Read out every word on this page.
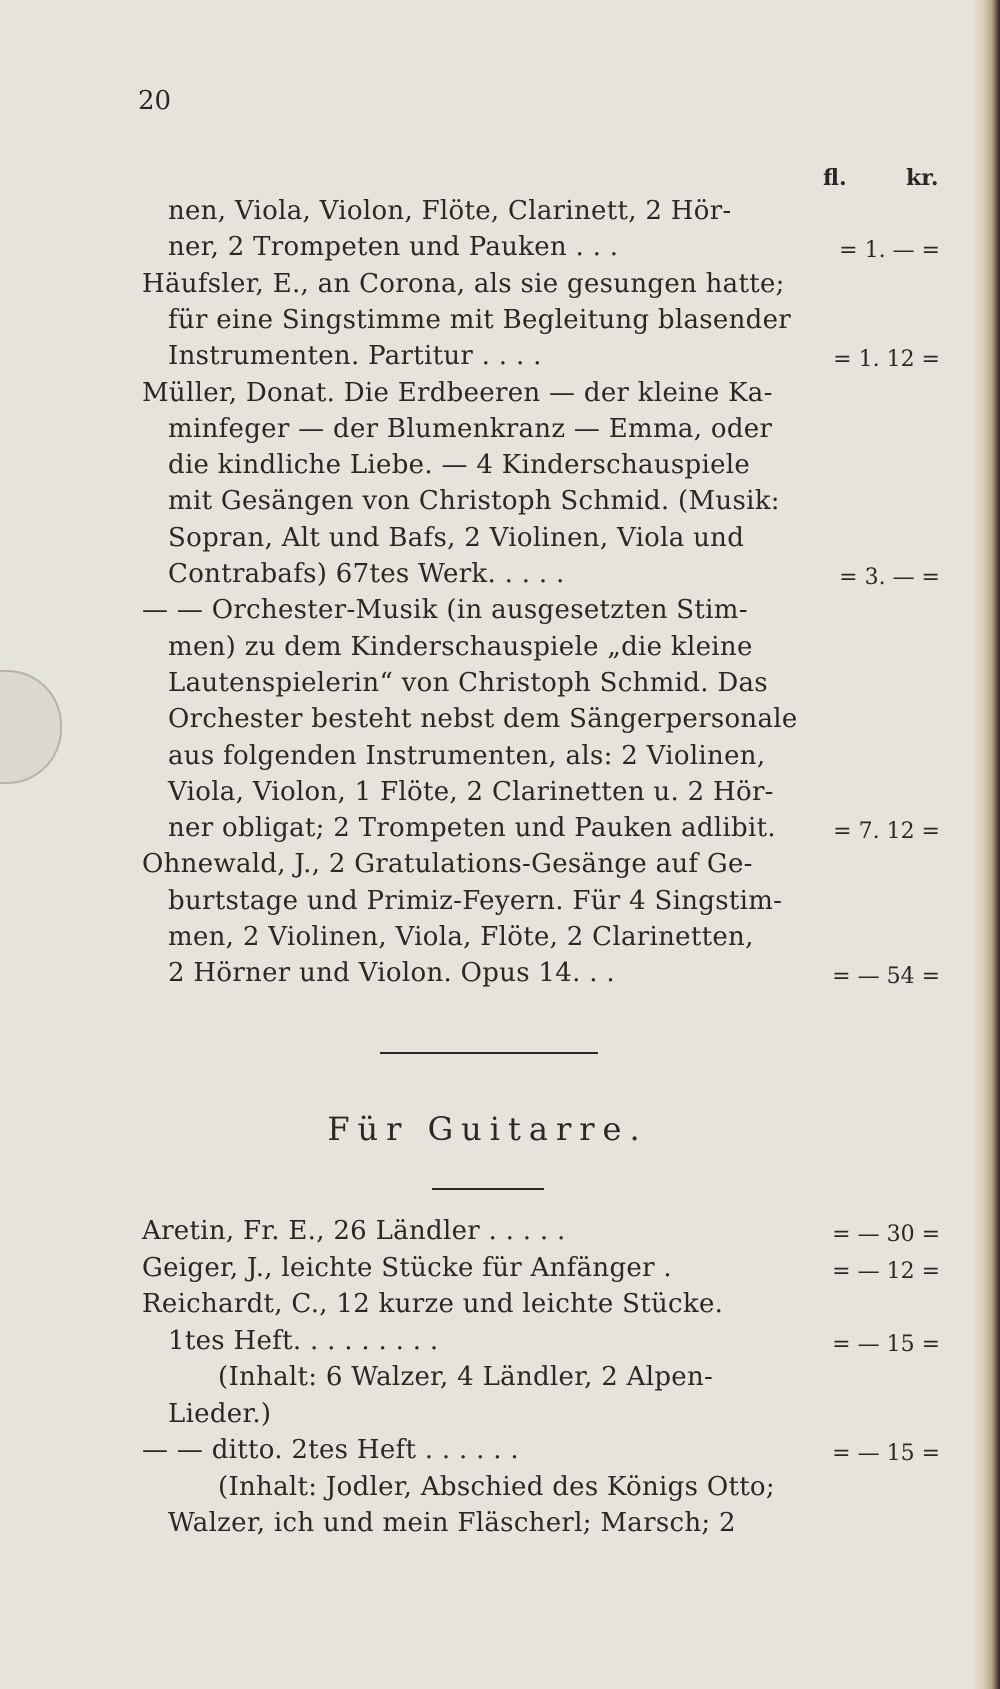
20
fl.	kr.
nen, Viola, Violon, Flöte, Clarinett, 2 Hör-
ner, 2 Trompeten und Pauken . . .
Häufsler, E., an Corona, als sie gesungen hatte;
für eine Singstimme mit Begleitung blasender
Instrumenten. Partitur . . . .
Müller, Donat. Die Erdbeeren — der kleine Ka-
minfeger — der Blumenkranz — Emma, oder
die kindliche Liebe. — 4 Kinderschauspiele
mit Gesängen von Christoph Schmid. (Musik:
Sopran, Alt und Bafs, 2 Violinen, Viola und
Contrabafs) 67tes Werk. . . . .
— — Orchester-Musik (in ausgesetzten Stim-
men) zu dem Kinderschauspiele „die kleine
Lautenspielerin“ von Christoph Schmid. Das
Orchester besteht nebst dem Sängerpersonale
aus folgenden Instrumenten, als: 2 Violinen,
Viola, Violon, 1 Flöte, 2 Clarinetten u. 2 Hör-
ner obligat; 2 Trompeten und Pauken adlibit.
Ohnewald, J., 2 Gratulations-Gesänge auf Ge-
burtstage und Primiz-Feyern. Für 4 Singstim-
men, 2 Violinen, Viola, Flöte, 2 Clarinetten,
2 Hörner und Violon. Opus 14. . .
= 1. — =
= 1. 12 =
= 3. — =
= 7. 12 =
= — 54 =
Für Guitarre.
Aretin, Fr. E., 26 Ländler . . . . .
Geiger, J., leichte Stücke für Anfänger .
Reichardt, C., 12 kurze und leichte Stücke.
1tes Heft. . . . . . . . .
(Inhalt: 6 Walzer, 4 Ländler, 2 Alpen-
Lieder.)
— — ditto. 2tes Heft . . . . . .
(Inhalt: Jodler, Abschied des Königs Otto;
Walzer, ich und mein Fläscherl; Marsch; 2
= — 30 =
= — 12 =
= — 15 =
= — 15 =
